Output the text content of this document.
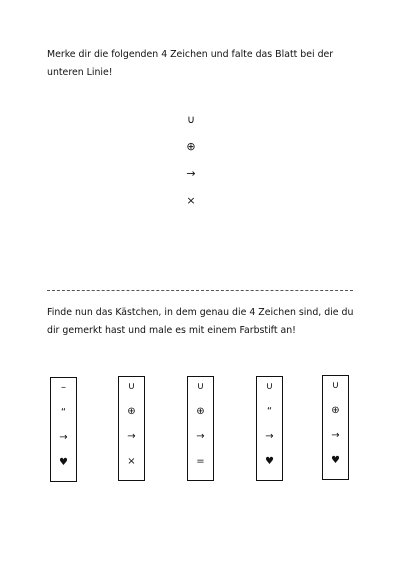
Merke dir die folgenden 4 Zeichen und falte das Blatt bei der unteren Linie!

∪
⊕
→
×

Finde nun das Kästchen, in dem genau die 4 Zeichen sind, die du dir gemerkt hast und male es mit einem Farbstift an!

–
“
→
♥
∪
⊕
→
×
∪
⊕
→
=
∪
“
→
♥
∪
⊕
→
♥
